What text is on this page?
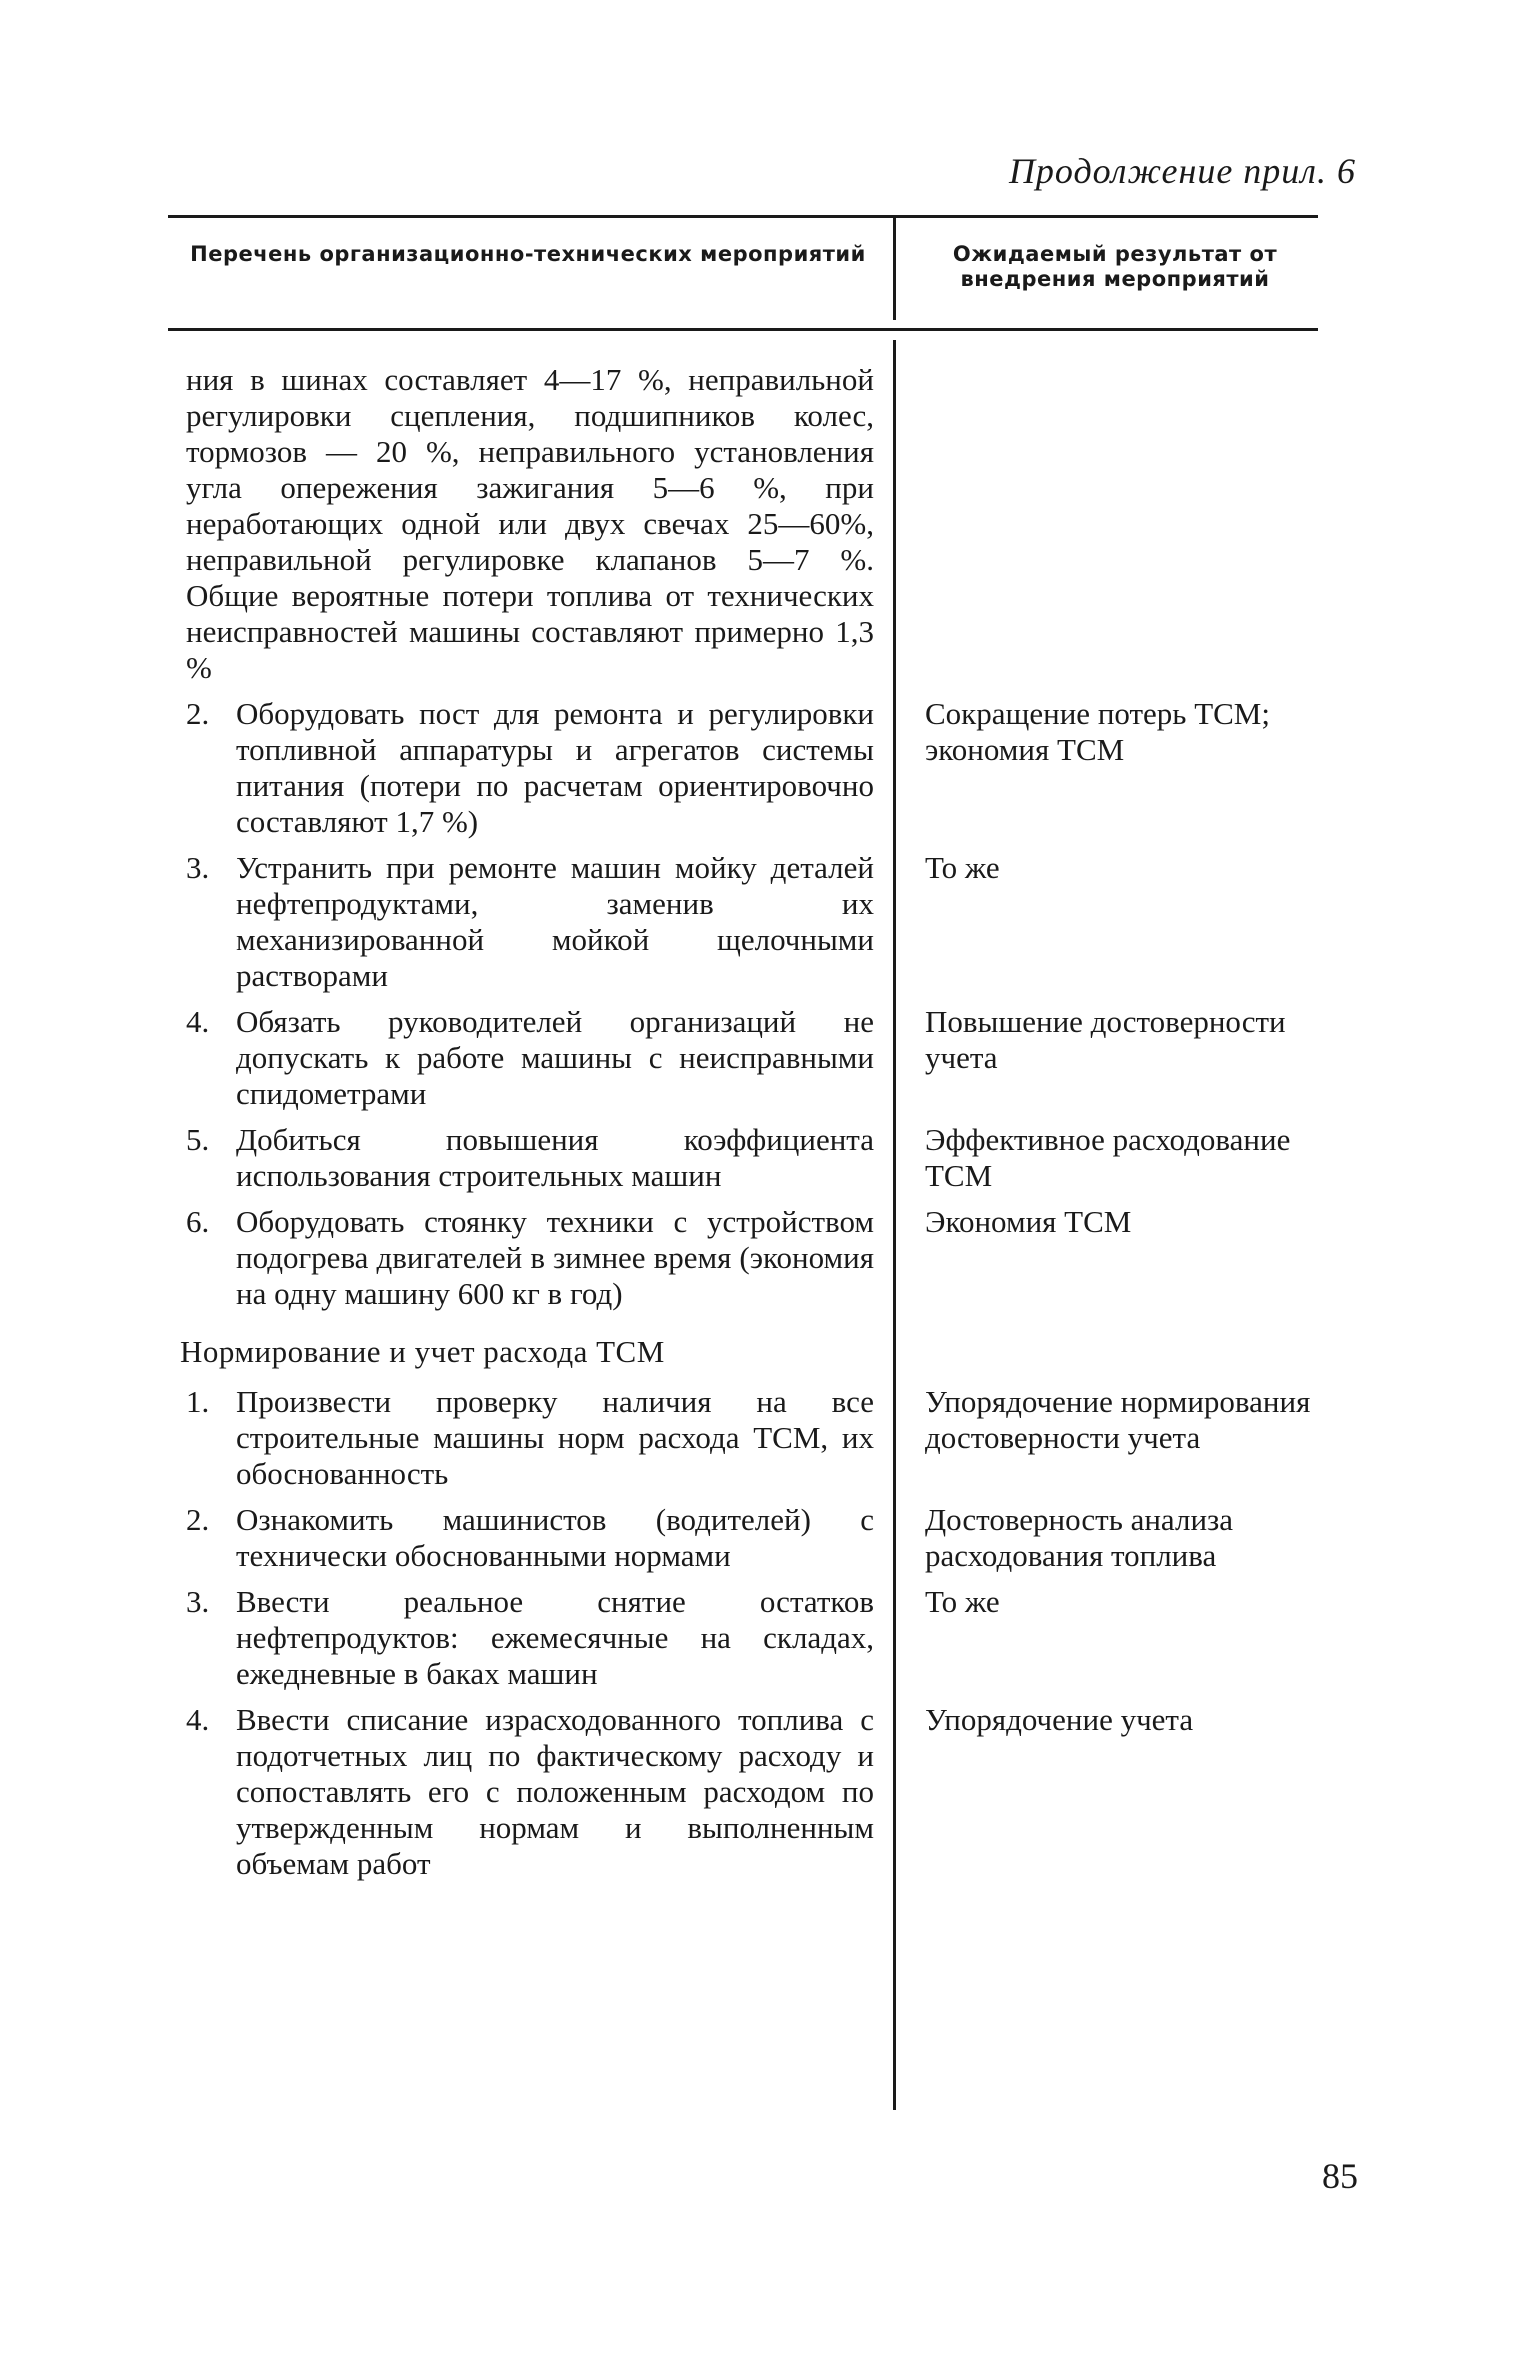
Продолжение прил. 6
Перечень организационно-технических мероприятий	Ожидаемый результат от внедрения мероприятий
ния в шинах составляет 4—17 %, неправильной регулировки сцепления, подшипников колес, тормозов — 20 %, неправильного установления угла опережения зажигания 5—6 %, при неработающих одной или двух свечах 25—60%, неправильной регулировке клапанов 5—7 %. Общие вероятные потери топлива от технических неисправностей машины составляют примерно 1,3 %
2. Оборудовать пост для ремонта и регулировки топливной аппаратуры и агрегатов системы питания (потери по расчетам ориентировочно составляют 1,7 %)
3. Устранить при ремонте машин мойку деталей нефтепродуктами, заменив их механизированной мойкой щелочными растворами
4. Обязать руководителей организаций не допускать к работе машины с неисправными спидометрами
5. Добиться повышения коэффициента использования строительных машин
6. Оборудовать стоянку техники с устройством подогрева двигателей в зимнее время (экономия на одну машину 600 кг в год)
Нормирование и учет расхода ТСМ
1. Произвести проверку наличия на все строительные машины норм расхода ТСМ, их обоснованность
2. Ознакомить машинистов (водителей) с технически обоснованными нормами
3. Ввести реальное снятие остатков нефтепродуктов: ежемесячные на складах, ежедневные в баках машин
4. Ввести списание израсходованного топлива с подотчетных лиц по фактическому расходу и сопоставлять его с положенным расходом по утвержденным нормам и выполненным объемам работ
Сокращение потерь ТСМ; экономия ТСМ
То же
Повышение достоверности учета
Эффективное расходование ТСМ
Экономия ТСМ
Упорядочение нормирования достоверности учета
Достоверность анализа расходования топлива
То же
Упорядочение учета
85
